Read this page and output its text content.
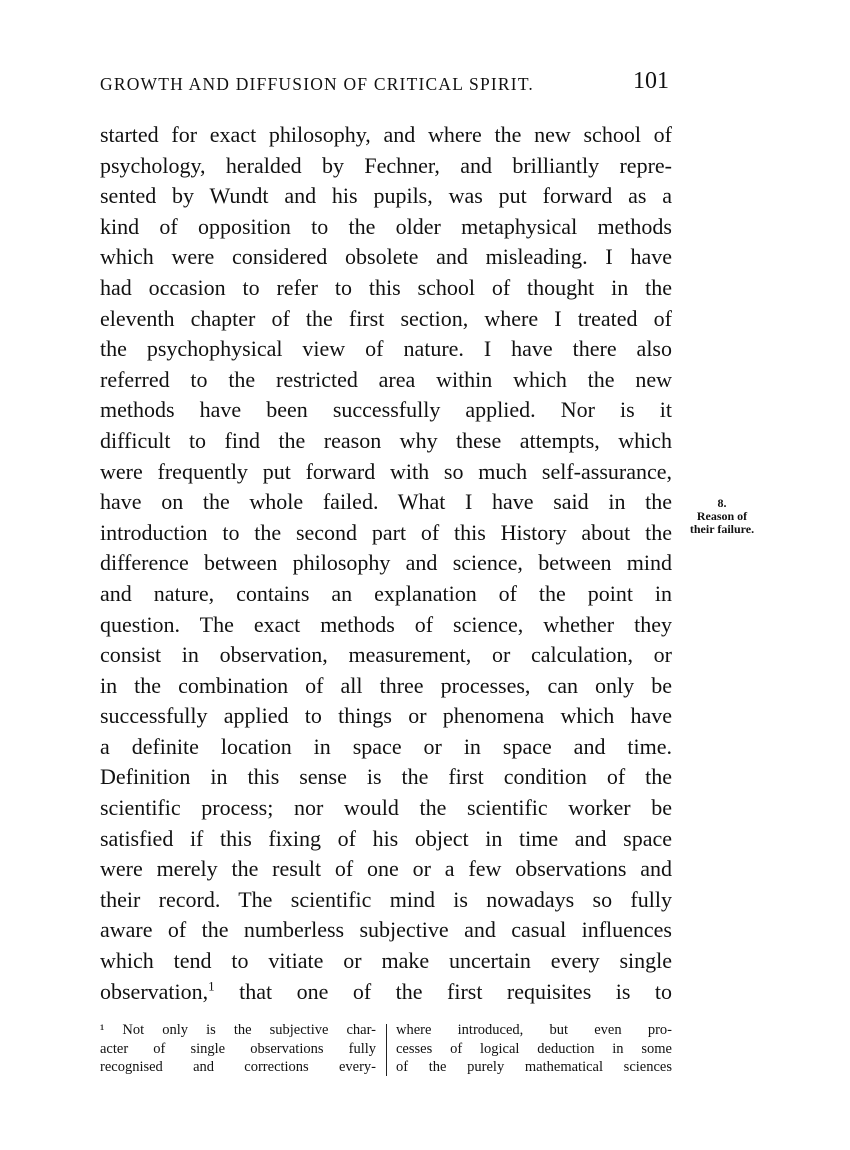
GROWTH AND DIFFUSION OF CRITICAL SPIRIT.	101
started for exact philosophy, and where the new school of
psychology, heralded by Fechner, and brilliantly repre-
sented by Wundt and his pupils, was put forward as a
kind of opposition to the older metaphysical methods
which were considered obsolete and misleading. I have
had occasion to refer to this school of thought in the
eleventh chapter of the first section, where I treated of
the psychophysical view of nature. I have there also
referred to the restricted area within which the new
methods have been successfully applied. Nor is it
difficult to find the reason why these attempts, which
were frequently put forward with so much self-assurance,
have on the whole failed. What I have said in the
introduction to the second part of this History about the
difference between philosophy and science, between mind
and nature, contains an explanation of the point in
question. The exact methods of science, whether they
consist in observation, measurement, or calculation, or
in the combination of all three processes, can only be
successfully applied to things or phenomena which have
a definite location in space or in space and time.
Definition in this sense is the first condition of the
scientific process; nor would the scientific worker be
satisfied if this fixing of his object in time and space
were merely the result of one or a few observations and
their record. The scientific mind is nowadays so fully
aware of the numberless subjective and casual influences
which tend to vitiate or make uncertain every single
observation,$^1$ that one of the first requisites is to
8.
Reason of
their failure.
¹ Not only is the subjective char-
acter of single observations fully
recognised and corrections every-
where introduced, but even pro-
cesses of logical deduction in some
of the purely mathematical sciences
